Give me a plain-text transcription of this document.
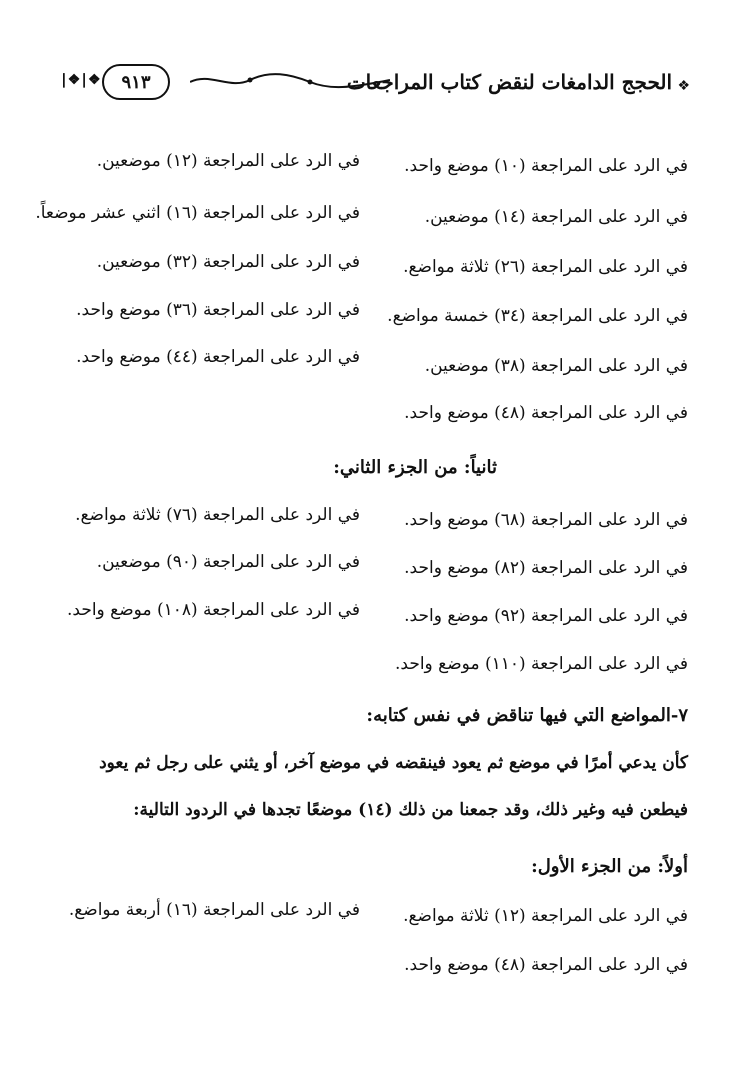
❘❖❘❖ ٩١٣	الحجج الدامغات لنقض كتاب المراجعات ❖
في الرد على المراجعة (١٠) موضع واحد.
في الرد على المراجعة (١٢) موضعين.
في الرد على المراجعة (١٤) موضعين.
في الرد على المراجعة (١٦) اثني عشر موضعاً.
في الرد على المراجعة (٢٦) ثلاثة مواضع.
في الرد على المراجعة (٣٢) موضعين.
في الرد على المراجعة (٣٤) خمسة مواضع.
في الرد على المراجعة (٣٦) موضع واحد.
في الرد على المراجعة (٣٨) موضعين.
في الرد على المراجعة (٤٤) موضع واحد.
في الرد على المراجعة (٤٨) موضع واحد.
ثانياً: من الجزء الثاني:
في الرد على المراجعة (٦٨) موضع واحد.
في الرد على المراجعة (٧٦) ثلاثة مواضع.
في الرد على المراجعة (٨٢) موضع واحد.
في الرد على المراجعة (٩٠) موضعين.
في الرد على المراجعة (٩٢) موضع واحد.
في الرد على المراجعة (١٠٨) موضع واحد.
في الرد على المراجعة (١١٠) موضع واحد.
٧-المواضع التي فيها تناقض في نفس كتابه:
كأن يدعي أمرًا في موضع ثم يعود فينقضه في موضع آخر، أو يثني على رجل ثم يعود
فيطعن فيه وغير ذلك، وقد جمعنا من ذلك (١٤) موضعًا تجدها في الردود التالية:
أولاً: من الجزء الأول:
في الرد على المراجعة (١٢) ثلاثة مواضع.
في الرد على المراجعة (١٦) أربعة مواضع.
في الرد على المراجعة (٤٨) موضع واحد.
